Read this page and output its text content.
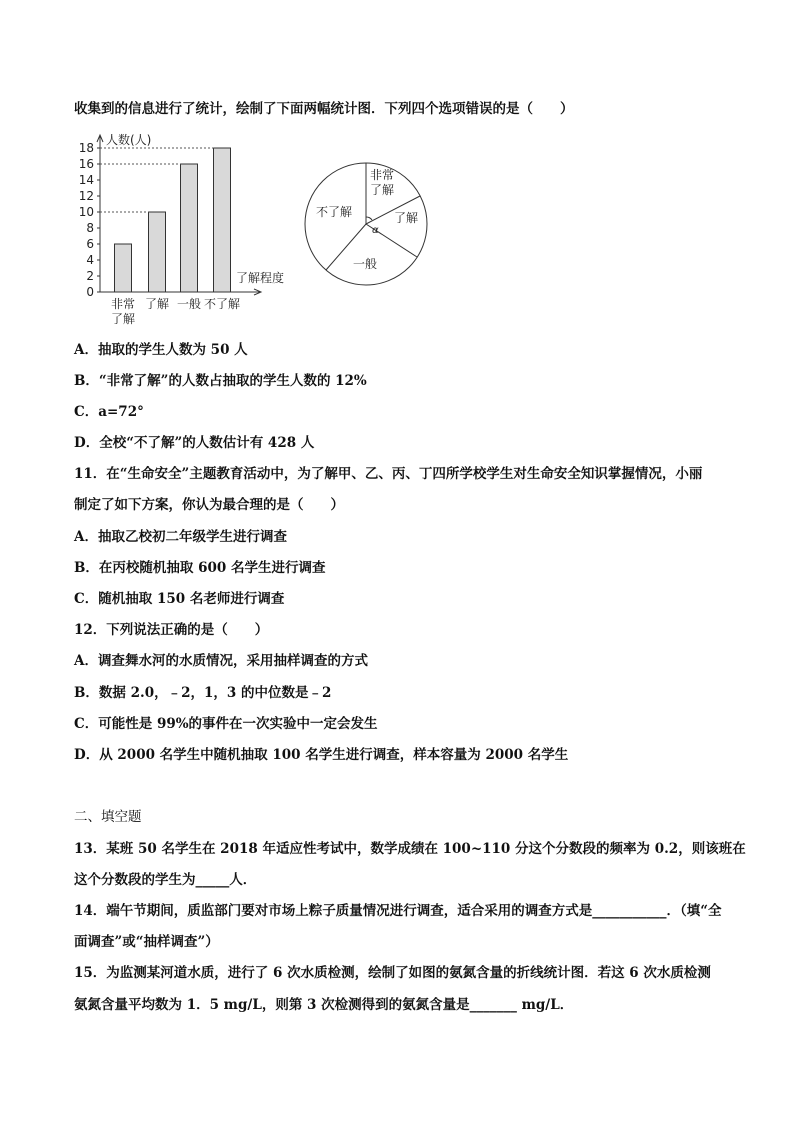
收集到的信息进行了统计，绘制了下面两幅统计图．下列四个选项错误的是（　　）
0
2
4
6
8
10
12
14
16
18
人数(人)
了解程度
非常
了解
了解 一般 不了解
非常
了解
了解
一般
不了解
α
A．抽取的学生人数为 50 人
B．“非常了解”的人数占抽取的学生人数的 12%
C．a=72°
D．全校“不了解”的人数估计有 428 人
11．在“生命安全”主题教育活动中，为了解甲、乙、丙、丁四所学校学生对生命安全知识掌握情况，小丽
制定了如下方案，你认为最合理的是（　　）
A．抽取乙校初二年级学生进行调查
B．在丙校随机抽取 600 名学生进行调查
C．随机抽取 150 名老师进行调查
12．下列说法正确的是（　　）
A．调查舞水河的水质情况，采用抽样调查的方式
B．数据 2.0，﹣2，1，3 的中位数是﹣2
C．可能性是 99%的事件在一次实验中一定会发生
D．从 2000 名学生中随机抽取 100 名学生进行调查，样本容量为 2000 名学生
二、填空题
13．某班 50 名学生在 2018 年适应性考试中，数学成绩在 100~110 分这个分数段的频率为 0.2，则该班在
这个分数段的学生为_____人．
14．端午节期间，质监部门要对市场上粽子质量情况进行调查，适合采用的调查方式是___________．（填“全
面调查”或“抽样调查”）
15．为监测某河道水质，进行了 6 次水质检测，绘制了如图的氨氮含量的折线统计图．若这 6 次水质检测
氨氮含量平均数为 1．5 mg/L，则第 3 次检测得到的氨氮含量是_______ mg/L．
